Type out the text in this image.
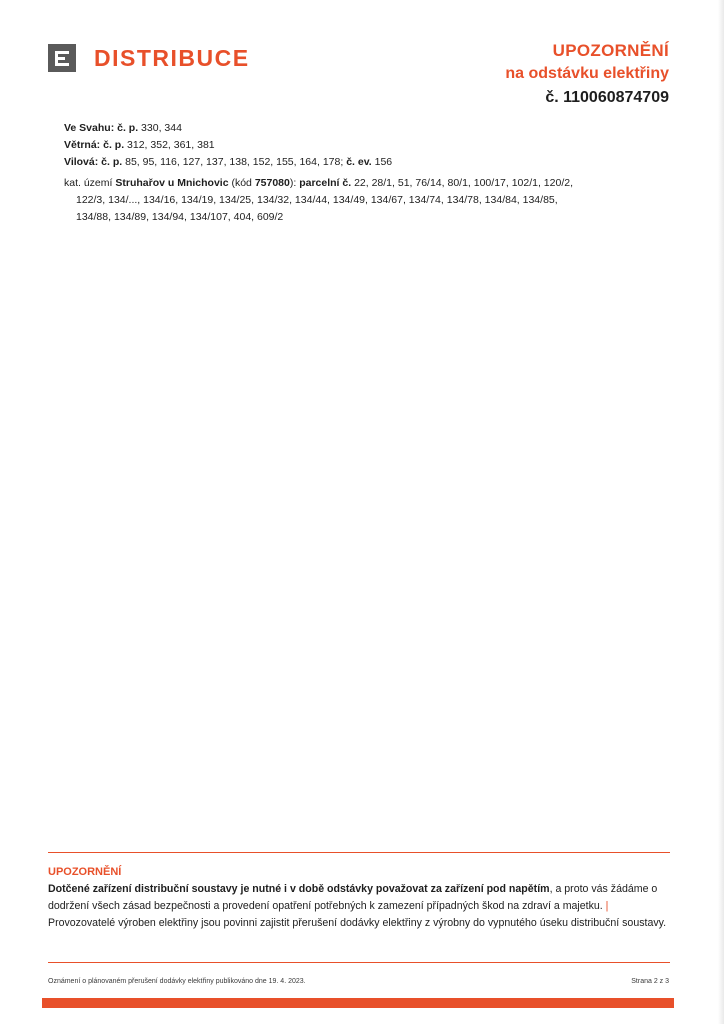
DISTRIBUCE	UPOZORNĚNÍ
na odstávku elektřiny
č. 110060874709
Ve Svahu: č. p. 330, 344
Větrná: č. p. 312, 352, 361, 381
Vilová: č. p. 85, 95, 116, 127, 137, 138, 152, 155, 164, 178; č. ev. 156
kat. území Struhařov u Mnichovic (kód 757080): parcelní č. 22, 28/1, 51, 76/14, 80/1, 100/17, 102/1, 120/2,
122/3, 134/..., 134/16, 134/19, 134/25, 134/32, 134/44, 134/49, 134/67, 134/74, 134/78, 134/84, 134/85,
134/88, 134/89, 134/94, 134/107, 404, 609/2
UPOZORNĚNÍ
Dotčené zařízení distribuční soustavy je nutné i v době odstávky považovat za zařízení pod napětím, a proto vás žádáme o dodržení všech zásad bezpečnosti a provedení opatření potřebných k zamezení případných škod na zdraví a majetku. | Provozovatelé výroben elektřiny jsou povinni zajistit přerušení dodávky elektřiny z výrobny do vypnutého úseku distribuční soustavy.
Oznámení o plánovaném přerušení dodávky elektřiny publikováno dne 19. 4. 2023.	Strana 2 z 3
